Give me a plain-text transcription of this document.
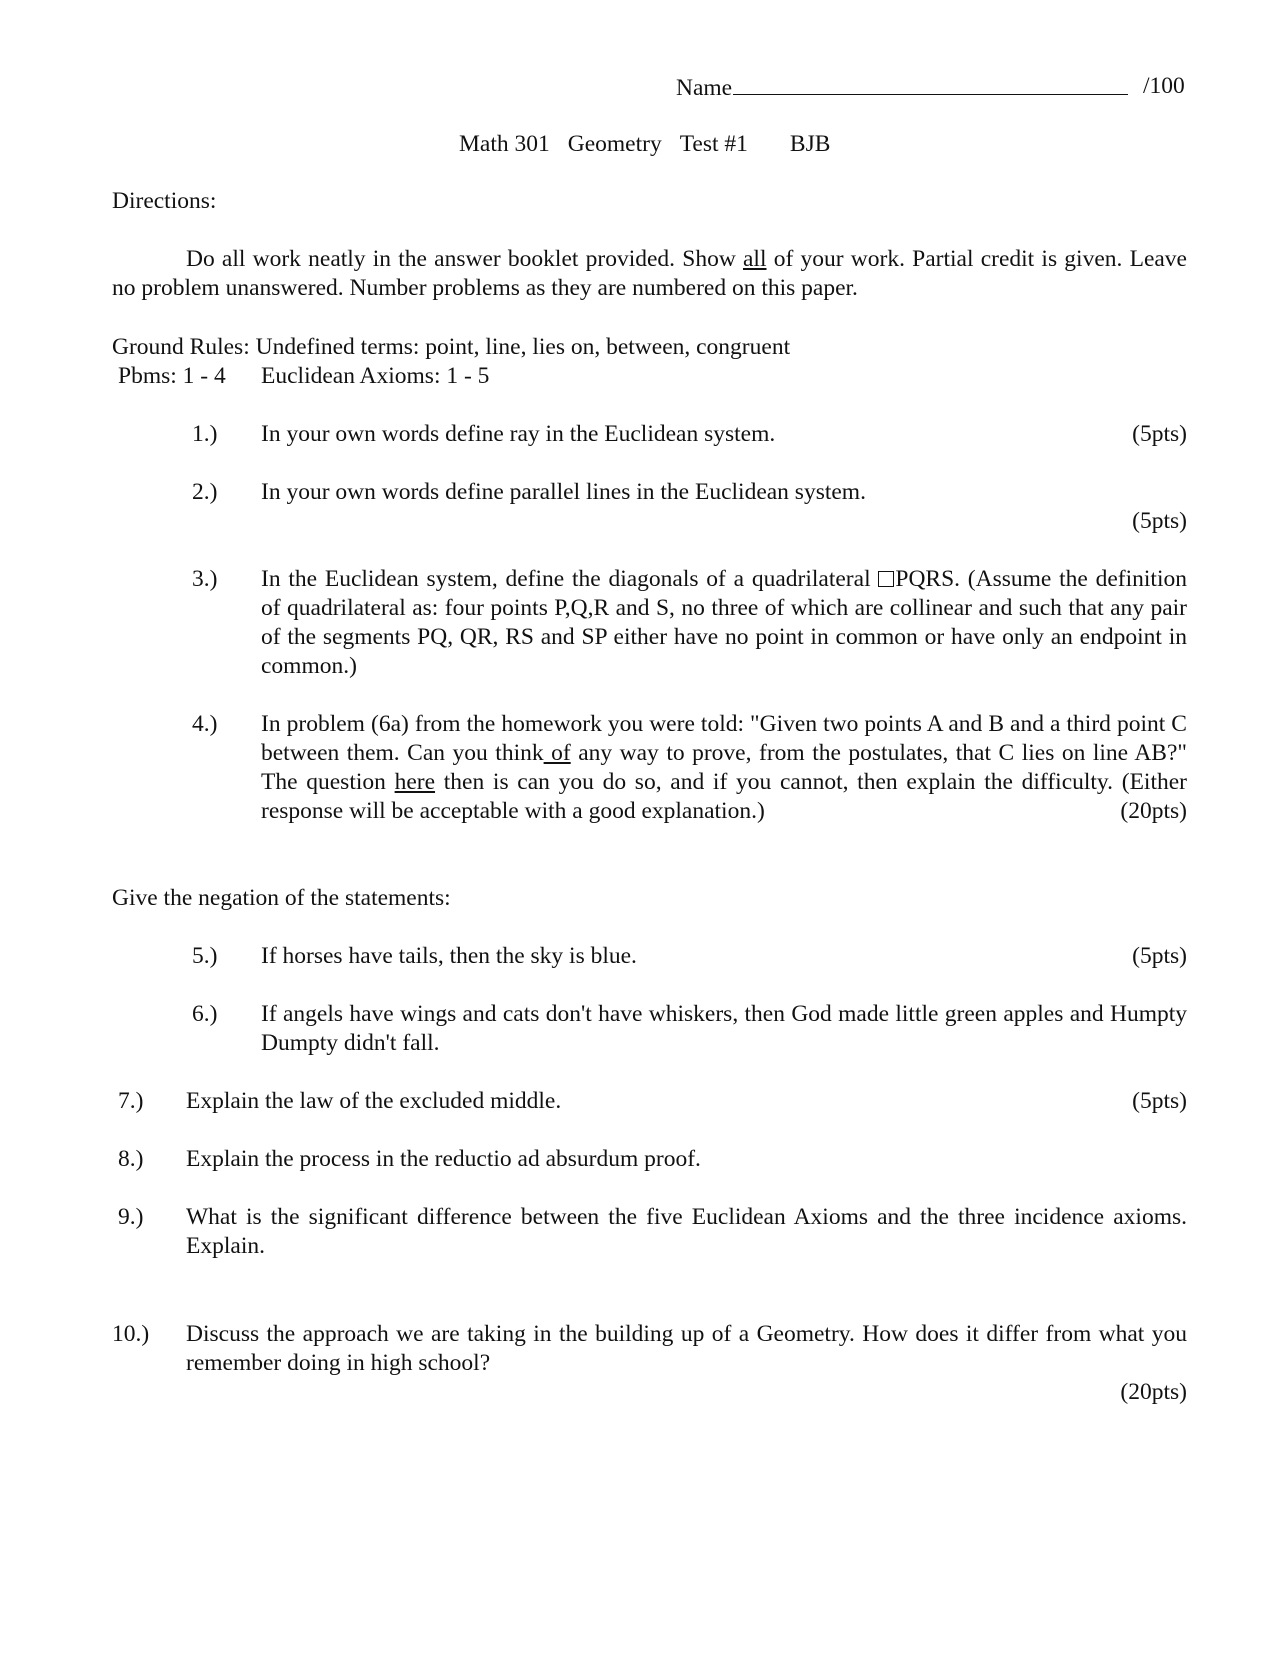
Name	/100
Math 301 Geometry Test #1 BJB
Directions:
Do all work neatly in the answer booklet provided. Show all of your work. Partial credit is given. Leave no problem unanswered. Number problems as they are numbered on this paper.
Ground Rules: Undefined terms: point, line, lies on, between, congruent
Pbms: 1 - 4 Euclidean Axioms: 1 - 5
1.) In your own words define ray in the Euclidean system.	(5pts)
2.) In your own words define parallel lines in the Euclidean system.
(5pts)
3.) In the Euclidean system, define the diagonals of a quadrilateral PQRS. (Assume the definition of quadrilateral as: four points P,Q,R and S, no three of which are collinear and such that any pair of the segments PQ, QR, RS and SP either have no point in common or have only an endpoint in common.)
4.) In problem (6a) from the homework you were told: "Given two points A and B and a third point C between them. Can you think of any way to prove, from the postulates, that C lies on line AB?" The question here then is can you do so, and if you cannot, then explain the difficulty. (Either response will be acceptable with a good explanation.)	(20pts)
Give the negation of the statements:
5.) If horses have tails, then the sky is blue.	(5pts)
6.) If angels have wings and cats don't have whiskers, then God made little green apples and Humpty Dumpty didn't fall.
7.) Explain the law of the excluded middle.	(5pts)
8.) Explain the process in the reductio ad absurdum proof.
9.) What is the significant difference between the five Euclidean Axioms and the three incidence axioms. Explain.
10.) Discuss the approach we are taking in the building up of a Geometry. How does it differ from what you remember doing in high school?
(20pts)
